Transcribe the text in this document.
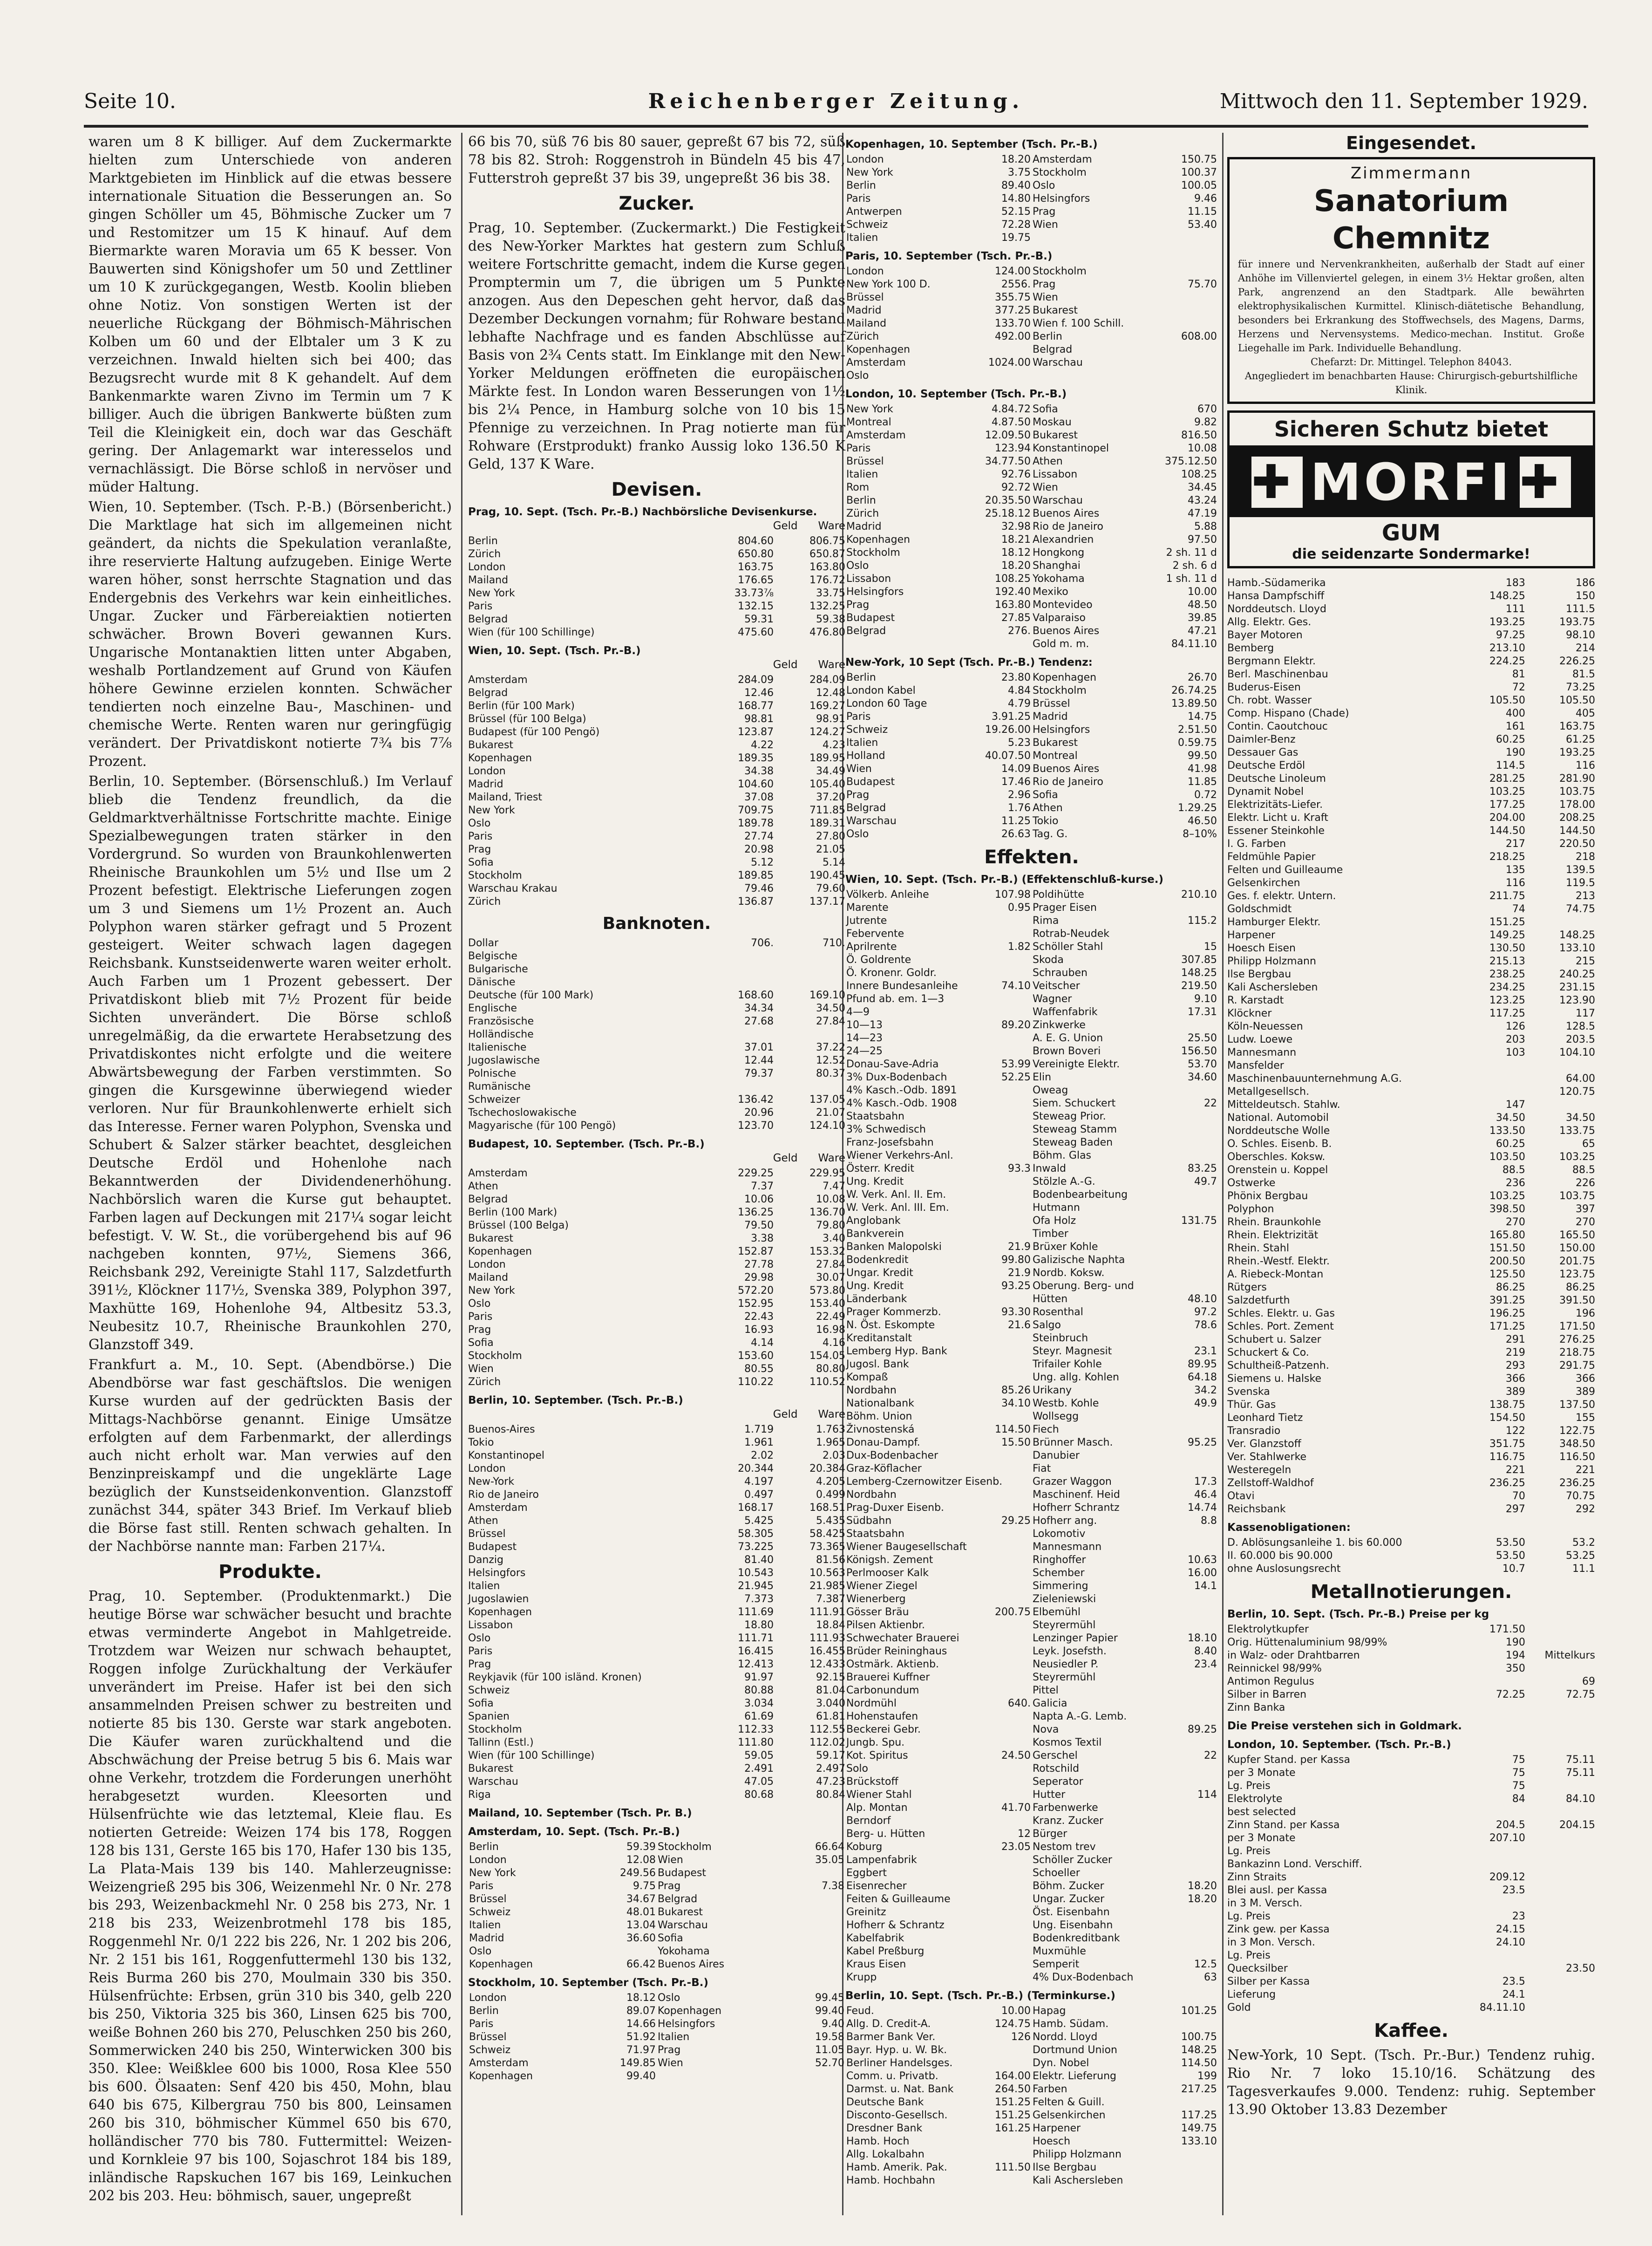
Seite 10.	Reichenberger Zeitung.	Mittwoch den 11. September 1929.

waren um 8 K billiger. Auf dem Zuckermarkte hielten zum Unterschiede von anderen Marktgebieten im Hinblick auf die etwas bessere internationale Situation die Besserungen an. So gingen Schöller um 45, Böhmische Zucker um 7 und Restomitzer um 15 K hinauf. Auf dem Biermarkte waren Moravia um 65 K besser. Von Bauwerten sind Königshofer um 50 und Zettliner um 10 K zurückgegangen, Westb. Koolin blieben ohne Notiz. Von sonstigen Werten ist der neuerliche Rückgang der Böhmisch-Mährischen Kolben um 60 und der Elbtaler um 3 K zu verzeichnen. Inwald hielten sich bei 400; das Bezugsrecht wurde mit 8 K gehandelt. Auf dem Bankenmarkte waren Zivno im Termin um 7 K billiger. Auch die übrigen Bankwerte büßten zum Teil die Kleinigkeit ein, doch war das Geschäft gering. Der Anlagemarkt war interesselos und vernachlässigt. Die Börse schloß in nervöser und müder Haltung.

Wien, 10. September. (Tsch. P.-B.) (Börsenbericht.) Die Marktlage hat sich im allgemeinen nicht geändert, da nichts die Spekulation veranlaßte, ihre reservierte Haltung aufzugeben. Einige Werte waren höher, sonst herrschte Stagnation und das Endergebnis des Verkehrs war kein einheitliches. Ungar. Zucker und Färbereiaktien notierten schwächer. Brown Boveri gewannen Kurs. Ungarische Montanaktien litten unter Abgaben, weshalb Portlandzement auf Grund von Käufen höhere Gewinne erzielen konnten. Schwächer tendierten noch einzelne Bau-, Maschinen- und chemische Werte. Renten waren nur geringfügig verändert. Der Privatdiskont notierte 7¾ bis 7⅞ Prozent.

Berlin, 10. September. (Börsenschluß.) Im Verlauf blieb die Tendenz freundlich, da die Geldmarktverhältnisse Fortschritte machte. Einige Spezialbewegungen traten stärker in den Vordergrund. So wurden von Braunkohlenwerten Rheinische Braunkohlen um 5½ und Ilse um 2 Prozent befestigt. Elektrische Lieferungen zogen um 3 und Siemens um 1½ Prozent an. Auch Polyphon waren stärker gefragt und 5 Prozent gesteigert. Weiter schwach lagen dagegen Reichsbank. Kunstseidenwerte waren weiter erholt. Auch Farben um 1 Prozent gebessert. Der Privatdiskont blieb mit 7½ Prozent für beide Sichten unverändert. Die Börse schloß unregelmäßig, da die erwartete Herabsetzung des Privatdiskontes nicht erfolgte und die weitere Abwärtsbewegung der Farben verstimmten. So gingen die Kursgewinne überwiegend wieder verloren. Nur für Braunkohlenwerte erhielt sich das Interesse. Ferner waren Polyphon, Svenska und Schubert & Salzer stärker beachtet, desgleichen Deutsche Erdöl und Hohenlohe nach Bekanntwerden der Dividendenerhöhung. Nachbörslich waren die Kurse gut behauptet. Farben lagen auf Deckungen mit 217¼ sogar leicht befestigt. V. W. St., die vorübergehend bis auf 96 nachgeben konnten, 97½, Siemens 366, Reichsbank 292, Vereinigte Stahl 117, Salzdetfurth 391½, Klöckner 117½, Svenska 389, Polyphon 397, Maxhütte 169, Hohenlohe 94, Altbesitz 53.3, Neubesitz 10.7, Rheinische Braunkohlen 270, Glanzstoff 349.

Frankfurt a. M., 10. Sept. (Abendbörse.) Die Abendbörse war fast geschäftslos. Die wenigen Kurse wurden auf der gedrückten Basis der Mittags-Nachbörse genannt. Einige Umsätze erfolgten auf dem Farbenmarkt, der allerdings auch nicht erholt war. Man verwies auf den Benzinpreiskampf und die ungeklärte Lage bezüglich der Kunstseidenkonvention. Glanzstoff zunächst 344, später 343 Brief. Im Verkauf blieb die Börse fast still. Renten schwach gehalten. In der Nachbörse nannte man: Farben 217¼.

Produkte.

Prag, 10. September. (Produktenmarkt.) Die heutige Börse war schwächer besucht und brachte etwas verminderte Angebot in Mahlgetreide. Trotzdem war Weizen nur schwach behauptet, Roggen infolge Zurückhaltung der Verkäufer unverändert im Preise. Hafer ist bei den sich ansammelnden Preisen schwer zu bestreiten und notierte 85 bis 130. Gerste war stark angeboten. Die Käufer waren zurückhaltend und die Abschwächung der Preise betrug 5 bis 6. Mais war ohne Verkehr, trotzdem die Forderungen unerhöht herabgesetzt wurden. Kleesorten und Hülsenfrüchte wie das letztemal, Kleie flau. Es notierten Getreide: Weizen 174 bis 178, Roggen 128 bis 131, Gerste 165 bis 170, Hafer 130 bis 135, La Plata-Mais 139 bis 140. Mahlerzeugnisse: Weizengrieß 295 bis 306, Weizenmehl Nr. 0 Nr. 278 bis 293, Weizenbackmehl Nr. 0 258 bis 273, Nr. 1 218 bis 233, Weizenbrotmehl 178 bis 185, Roggenmehl Nr. 0/1 222 bis 226, Nr. 1 202 bis 206, Nr. 2 151 bis 161, Roggenfuttermehl 130 bis 132, Reis Burma 260 bis 270, Moulmain 330 bis 350. Hülsenfrüchte: Erbsen, grün 310 bis 340, gelb 220 bis 250, Viktoria 325 bis 360, Linsen 625 bis 700, weiße Bohnen 260 bis 270, Peluschken 250 bis 260, Sommerwicken 240 bis 250, Winterwicken 300 bis 350. Klee: Weißklee 600 bis 1000, Rosa Klee 550 bis 600. Ölsaaten: Senf 420 bis 450, Mohn, blau 640 bis 675, Kilbergrau 750 bis 800, Leinsamen 260 bis 310, böhmischer Kümmel 650 bis 670, holländischer 770 bis 780. Futtermittel: Weizen- und Kornkleie 97 bis 100, Sojaschrot 184 bis 189, inländische Rapskuchen 167 bis 169, Leinkuchen 202 bis 203. Heu: böhmisch, sauer, ungepreßt

66 bis 70, süß 76 bis 80 sauer, gepreßt 67 bis 72, süß 78 bis 82. Stroh: Roggenstroh in Bündeln 45 bis 47, Futterstroh gepreßt 37 bis 39, ungepreßt 36 bis 38.

Zucker.

Prag, 10. September. (Zuckermarkt.) Die Festigkeit des New-Yorker Marktes hat gestern zum Schluß weitere Fortschritte gemacht, indem die Kurse gegen Promptermin um 7, die übrigen um 5 Punkte anzogen. Aus den Depeschen geht hervor, daß das Dezember Deckungen vornahm; für Rohware bestand lebhafte Nachfrage und es fanden Abschlüsse auf Basis von 2¾ Cents statt. Im Einklange mit den New-Yorker Meldungen eröffneten die europäischen Märkte fest. In London waren Besserungen von 1½ bis 2¼ Pence, in Hamburg solche von 10 bis 15 Pfennige zu verzeichnen. In Prag notierte man für Rohware (Erstprodukt) franko Aussig loko 136.50 K Geld, 137 K Ware.

Devisen.
Prag, 10. Sept. (Tsch. Pr.-B.) Nachbörsliche Devisenkurse.
Geld Ware
Berlin	804.60	806.75
Zürich	650.80	650.87
London	163.75	163.80
Mailand	176.65	176.72
New York	33.73⅞	33.75
Paris	132.15	132.25
Belgrad	59.31	59.38
Wien (für 100 Schillinge)	475.60	476.80
Wien, 10. Sept. (Tsch. Pr.-B.)
Geld Ware
Amsterdam	284.09	284.09
Belgrad	12.46	12.48
Berlin (für 100 Mark)	168.77	169.27
Brüssel (für 100 Belga)	98.81	98.91
Budapest (für 100 Pengö)	123.87	124.27
Bukarest	4.22	4.23
Kopenhagen	189.35	189.95
London	34.38	34.49
Madrid	104.60	105.40
Mailand, Triest	37.08	37.20
New York	709.75	711.85
Oslo	189.78	189.31
Paris	27.74	27.80
Prag	20.98	21.05
Sofia	5.12	5.14
Stockholm	189.85	190.45
Warschau Krakau	79.46	79.60
Zürich	136.87	137.17
Banknoten.
Dollar	706.	710.
Belgische		
Bulgarische		
Dänische		
Deutsche (für 100 Mark)	168.60	169.10
Englische	34.34	34.50
Französische	27.68	27.84
Holländische		
Italienische	37.01	37.22
Jugoslawische	12.44	12.52
Polnische	79.37	80.37
Rumänische		
Schweizer	136.42	137.05
Tschechoslowakische	20.96	21.07
Magyarische (für 100 Pengö)	123.70	124.10
Budapest, 10. September. (Tsch. Pr.-B.)
Geld Ware
Amsterdam	229.25	229.95
Athen	7.37	7.47
Belgrad	10.06	10.08
Berlin (100 Mark)	136.25	136.70
Brüssel (100 Belga)	79.50	79.80
Bukarest	3.38	3.40
Kopenhagen	152.87	153.32
London	27.78	27.84
Mailand	29.98	30.07
New York	572.20	573.80
Oslo	152.95	153.40
Paris	22.43	22.49
Prag	16.93	16.98
Sofia	4.14	4.16
Stockholm	153.60	154.05
Wien	80.55	80.80
Zürich	110.22	110.52
Berlin, 10. September. (Tsch. Pr.-B.)
Geld Ware
Buenos-Aires	1.719	1.763
Tokio	1.961	1.965
Konstantinopel	2.02	2.03
London	20.344	20.384
New-York	4.197	4.205
Rio de Janeiro	0.497	0.499
Amsterdam	168.17	168.51
Athen	5.425	5.435
Brüssel	58.305	58.425
Budapest	73.225	73.365
Danzig	81.40	81.56
Helsingfors	10.543	10.563
Italien	21.945	21.985
Jugoslawien	7.373	7.387
Kopenhagen	111.69	111.91
Lissabon	18.80	18.84
Oslo	111.71	111.93
Paris	16.415	16.455
Prag	12.413	12.433
Reykjavik (für 100 isländ. Kronen)	91.97	92.15
Schweiz	80.88	81.04
Sofia	3.034	3.040
Spanien	61.69	61.81
Stockholm	112.33	112.55
Tallinn (Estl.)	111.80	112.02
Wien (für 100 Schillinge)	59.05	59.17
Bukarest	2.491	2.497
Warschau	47.05	47.23
Riga	80.68	80.84
Mailand, 10. September (Tsch. Pr. B.)
Amsterdam, 10. Sept. (Tsch. Pr.-B.)
Berlin	59.39	Stockholm	66.64
London	12.08	Wien	35.05
New York	249.56	Budapest	
Paris	9.75	Prag	7.38
Brüssel	34.67	Belgrad	
Schweiz	48.01	Bukarest	
Italien	13.04	Warschau	
Madrid	36.60	Sofia	
Oslo		Yokohama	
Kopenhagen	66.42	Buenos Aires	
Stockholm, 10. September (Tsch. Pr.-B.)
London	18.12	Oslo	99.45
Berlin	89.07	Kopenhagen	99.40
Paris	14.66	Helsingfors	9.40
Brüssel	51.92	Italien	19.58
Schweiz	71.97	Prag	11.05
Amsterdam	149.85	Wien	52.70
Kopenhagen	99.40		
Kopenhagen, 10. September (Tsch. Pr.-B.)
London	18.20	Amsterdam	150.75
New York	3.75	Stockholm	100.37
Berlin	89.40	Oslo	100.05
Paris	14.80	Helsingfors	9.46
Antwerpen	52.15	Prag	11.15
Schweiz	72.28	Wien	53.40
Italien	19.75		
Paris, 10. September (Tsch. Pr.-B.)
London	124.00	Stockholm	
New York 100 D.	2556.	Prag	75.70
Brüssel	355.75	Wien	
Madrid	377.25	Bukarest	
Mailand	133.70	Wien f. 100 Schill.	
Zürich	492.00	Berlin	608.00
Kopenhagen		Belgrad	
Amsterdam	1024.00	Warschau	
Oslo			
London, 10. September (Tsch. Pr.-B.)
New York	4.84.72	Sofia	670
Montreal	4.87.50	Moskau	9.82
Amsterdam	12.09.50	Bukarest	816.50
Paris	123.94	Konstantinopel	10.08
Brüssel	34.77.50	Athen	375.12.50
Italien	92.76	Lissabon	108.25
Rom	92.72	Wien	34.45
Berlin	20.35.50	Warschau	43.24
Zürich	25.18.12	Buenos Aires	47.19
Madrid	32.98	Rio de Janeiro	5.88
Kopenhagen	18.21	Alexandrien	97.50
Stockholm	18.12	Hongkong	2 sh. 11 d
Oslo	18.20	Shanghai	2 sh. 6 d
Lissabon	108.25	Yokohama	1 sh. 11 d
Helsingfors	192.40	Mexiko	10.00
Prag	163.80	Montevideo	48.50
Budapest	27.85	Valparaiso	39.85
Belgrad	276.	Buenos Aires	47.21
		Gold m. m.	84.11.10
New-York, 10 Sept (Tsch. Pr.-B.) Tendenz:
Berlin	23.80	Kopenhagen	26.70
London Kabel	4.84	Stockholm	26.74.25
London 60 Tage	4.79	Brüssel	13.89.50
Paris	3.91.25	Madrid	14.75
Schweiz	19.26.00	Helsingfors	2.51.50
Italien	5.23	Bukarest	0.59.75
Holland	40.07.50	Montreal	99.50
Wien	14.09	Buenos Aires	41.98
Budapest	17.46	Rio de Janeiro	11.85
Prag	2.96	Sofia	0.72
Belgrad	1.76	Athen	1.29.25
Warschau	11.25	Tokio	46.50
Oslo	26.63	Tag. G.	8–10%
Effekten.
Wien, 10. Sept. (Tsch. Pr.-B.) (Effektenschluß-kurse.)
Völkerb. Anleihe	107.98	Poldihütte	210.10
Marente	0.95	Prager Eisen	
Jutrente		Rima	115.2
Febervente		Rotrab-Neudek	
Aprilrente	1.82	Schöller Stahl	15
Ö. Goldrente		Skoda	307.85
Ö. Kronenr. Goldr.		Schrauben	148.25
Innere Bundesanleihe	74.10	Veitscher	219.50
Pfund ab. em. 1—3		Wagner	9.10
4—9		Waffenfabrik	17.31
10—13	89.20	Zinkwerke	
14—23		A. E. G. Union	25.50
24—25		Brown Boveri	156.50
Donau-Save-Adria	53.99	Vereinigte Elektr.	53.70
3% Dux-Bodenbach	52.25	Elin	34.60
4% Kasch.-Odb. 1891		Oweag	
4% Kasch.-Odb. 1908		Siem. Schuckert	22
Staatsbahn		Steweag Prior.	
3% Schwedisch		Steweag Stamm	
Franz-Josefsbahn		Steweag Baden	
Wiener Verkehrs-Anl.		Böhm. Glas	
Österr. Kredit	93.3	Inwald	83.25
Ung. Kredit		Stölzle A.-G.	49.7
W. Verk. Anl. II. Em.		Bodenbearbeitung	
W. Verk. Anl. III. Em.		Hutmann	
Anglobank		Ofa Holz	131.75
Bankverein		Timber	
Banken Malopolski	21.9	Brüxer Kohle	
Bodenkredit	99.80	Galizische Naphta	
Ungar. Kredit	21.9	Nordb. Koksw.	
Ung. Kredit	93.25	Oberung. Berg- und	
Länderbank		Hütten	48.10
Prager Kommerzb.	93.30	Rosenthal	97.2
N. Öst. Eskompte	21.6	Salgo	78.6
Kreditanstalt		Steinbruch	
Lemberg Hyp. Bank		Steyr. Magnesit	23.1
Jugosl. Bank		Trifailer Kohle	89.95
Kompaß		Ung. allg. Kohlen	64.18
Nordbahn	85.26	Urikany	34.2
Nationalbank	34.10	Westb. Kohle	49.9
Böhm. Union		Wollsegg	
Živnostenská	114.50	Fiech	
Donau-Dampf.	15.50	Brünner Masch.	95.25
Dux-Bodenbacher		Danubier	
Graz-Köflacher		Fiat	
Lemberg-Czernowitzer Eisenb.		Grazer Waggon	17.3
Nordbahn		Maschinenf. Heid	46.4
Prag-Duxer Eisenb.		Hofherr Schrantz	14.74
Südbahn	29.25	Hofherr ang.	8.8
Staatsbahn		Lokomotiv	
Wiener Baugesellschaft		Mannesmann	
Königsh. Zement		Ringhoffer	10.63
Perlmooser Kalk		Schember	16.00
Wiener Ziegel		Simmering	14.1
Wienerberg		Zieleniewski	
Gösser Bräu	200.75	Elbemühl	
Pilsen Aktienbr.		Steyrermühl	
Schwechater Brauerei		Lenzinger Papier	18.10
Brüder Reininghaus		Leyk. Josefsth.	8.40
Ostmärk. Aktienb.		Neusiedler P.	23.4
Brauerei Kuffner		Steyrermühl	
Carbonundum		Pittel	
Nordmühl	640.	Galicia	
Hohenstaufen		Napta A.-G. Lemb.	
Beckerei Gebr.		Nova	89.25
Jungb. Spu.		Kosmos Textil	
Kot. Spiritus	24.50	Gerschel	22
Solo		Rotschild	
Brückstoff		Seperator	
Wiener Stahl		Hutter	114
Alp. Montan	41.70	Farbenwerke	
Berndorf		Kranz. Zucker	
Berg- u. Hütten	12	Bürger	
Koburg	23.05	Nestom trev	
Lampenfabrik		Schöller Zucker	
Eggbert		Schoeller	
Eisenrecher		Böhm. Zucker	18.20
Feiten & Guilleaume		Ungar. Zucker	18.20
Greinitz		Öst. Eisenbahn	
Hofherr & Schrantz		Ung. Eisenbahn	
Kabelfabrik		Bodenkreditbank	
Kabel Preßburg		Muxmühle	
Kraus Eisen		Semperit	12.5
Krupp		4% Dux-Bodenbach	63
Berlin, 10. Sept. (Tsch. Pr.-B.) (Terminkurse.)
Feud.	10.00	Hapag	101.25
Allg. D. Credit-A.	124.75	Hamb. Südam.	
Barmer Bank Ver.	126	Nordd. Lloyd	100.75
Bayr. Hyp. u. W. Bk.		Dortmund Union	148.25
Berliner Handelsges.		Dyn. Nobel	114.50
Comm. u. Privatb.	164.00	Elektr. Lieferung	199
Darmst. u. Nat. Bank	264.50	Farben	217.25
Deutsche Bank	151.25	Felten & Guill.	
Disconto-Gesellsch.	151.25	Gelsenkirchen	117.25
Dresdner Bank	161.25	Harpener	149.75
Hamb. Hoch		Hoesch	133.10
Allg. Lokalbahn		Philipp Holzmann	
Hamb. Amerik. Pak.	111.50	Ilse Bergbau	
Hamb. Hochbahn		Kali Aschersleben	
Eingesendet.
Zimmermann
Sanatorium Chemnitz
für innere und Nervenkrankheiten, außerhalb der Stadt auf einer Anhöhe im Villenviertel gelegen, in einem 3½ Hektar großen, alten Park, angrenzend an den Stadtpark. Alle bewährten elektrophysikalischen Kurmittel. Klinisch-diätetische Behandlung, besonders bei Erkrankung des Stoffwechsels, des Magens, Darms, Herzens und Nervensystems. Medico-mechan. Institut. Große Liegehalle im Park. Individuelle Behandlung.
Chefarzt: Dr. Mittingel. Telephon 84043.
Angegliedert im benachbarten Hause: Chirurgisch-geburtshilfliche Klinik.
Sicheren Schutz bietet
✚ MORFI ✚
GUM
die seidenzarte Sondermarke!
Hamb.-Südamerika	183	186
Hansa Dampfschiff	148.25	150
Norddeutsch. Lloyd	111	111.5
Allg. Elektr. Ges.	193.25	193.75
Bayer Motoren	97.25	98.10
Bemberg	213.10	214
Bergmann Elektr.	224.25	226.25
Berl. Maschinenbau	81	81.5
Buderus-Eisen	72	73.25
Ch. robt. Wasser	105.50	105.50
Comp. Hispano (Chade)	400	405
Contin. Caoutchouc	161	163.75
Daimler-Benz	60.25	61.25
Dessauer Gas	190	193.25
Deutsche Erdöl	114.5	116
Deutsche Linoleum	281.25	281.90
Dynamit Nobel	103.25	103.75
Elektrizitäts-Liefer.	177.25	178.00
Elektr. Licht u. Kraft	204.00	208.25
Essener Steinkohle	144.50	144.50
I. G. Farben	217	220.50
Feldmühle Papier	218.25	218
Felten und Guilleaume	135	139.5
Gelsenkirchen	116	119.5
Ges. f. elektr. Untern.	211.75	213
Goldschmidt	74	74.75
Hamburger Elektr.	151.25	
Harpener	149.25	148.25
Hoesch Eisen	130.50	133.10
Philipp Holzmann	215.13	215
Ilse Bergbau	238.25	240.25
Kali Aschersleben	234.25	231.15
R. Karstadt	123.25	123.90
Klöckner	117.25	117
Köln-Neuessen	126	128.5
Ludw. Loewe	203	203.5
Mannesmann	103	104.10
Mansfelder		
Maschinenbauunternehmung A.G.		64.00
Metallgesellsch.		120.75
Mitteldeutsch. Stahlw.	147	
National. Automobil	34.50	34.50
Norddeutsche Wolle	133.50	133.75
O. Schles. Eisenb. B.	60.25	65
Oberschles. Koksw.	103.50	103.25
Orenstein u. Koppel	88.5	88.5
Ostwerke	236	226
Phönix Bergbau	103.25	103.75
Polyphon	398.50	397
Rhein. Braunkohle	270	270
Rhein. Elektrizität	165.80	165.50
Rhein. Stahl	151.50	150.00
Rhein.-Westf. Elektr.	200.50	201.75
A. Riebeck-Montan	125.50	123.75
Rütgers	86.25	86.25
Salzdetfurth	391.25	391.50
Schles. Elektr. u. Gas	196.25	196
Schles. Port. Zement	171.25	171.50
Schubert u. Salzer	291	276.25
Schuckert & Co.	219	218.75
Schultheiß-Patzenh.	293	291.75
Siemens u. Halske	366	366
Svenska	389	389
Thür. Gas	138.75	137.50
Leonhard Tietz	154.50	155
Transradio	122	122.75
Ver. Glanzstoff	351.75	348.50
Ver. Stahlwerke	116.75	116.50
Westeregeln	221	221
Zellstoff-Waldhof	236.25	236.25
Otavi	70	70.75
Reichsbank	297	292
Kassenobligationen:
D. Ablösungsanleihe 1. bis 60.000	53.50	53.2
II. 60.000 bis 90.000	53.50	53.25
ohne Auslosungsrecht	10.7	11.1
Metallnotierungen.
Berlin, 10. Sept. (Tsch. Pr.-B.) Preise per kg
Elektrolytkupfer	171.50	
Orig. Hüttenaluminium 98/99%	190	
in Walz- oder Drahtbarren	194	Mittelkurs
Reinnickel 98/99%	350	
Antimon Regulus		69
Silber in Barren	72.25	72.75
Zinn Banka		
Die Preise verstehen sich in Goldmark.
London, 10. September. (Tsch. Pr.-B.)
Kupfer Stand. per Kassa	75	75.11
per 3 Monate	75	75.11
Lg. Preis	75	
Elektrolyte	84	84.10
best selected		
Zinn Stand. per Kassa	204.5	204.15
per 3 Monate	207.10	
Lg. Preis		
Bankazinn Lond. Verschiff.		
Zinn Straits	209.12	
Blei ausl. per Kassa	23.5	
in 3 M. Versch.		
Lg. Preis	23	
Zink gew. per Kassa	24.15	
in 3 Mon. Versch.	24.10	
Lg. Preis		
Quecksilber		23.50
Silber per Kassa	23.5	
Lieferung	24.1	
Gold	84.11.10	
Kaffee.

New-York, 10 Sept. (Tsch. Pr.-Bur.) Tendenz ruhig. Rio Nr. 7 loko 15.10/16. Schätzung des Tagesverkaufes 9.000. Tendenz: ruhig. September 13.90 Oktober 13.83 Dezember
